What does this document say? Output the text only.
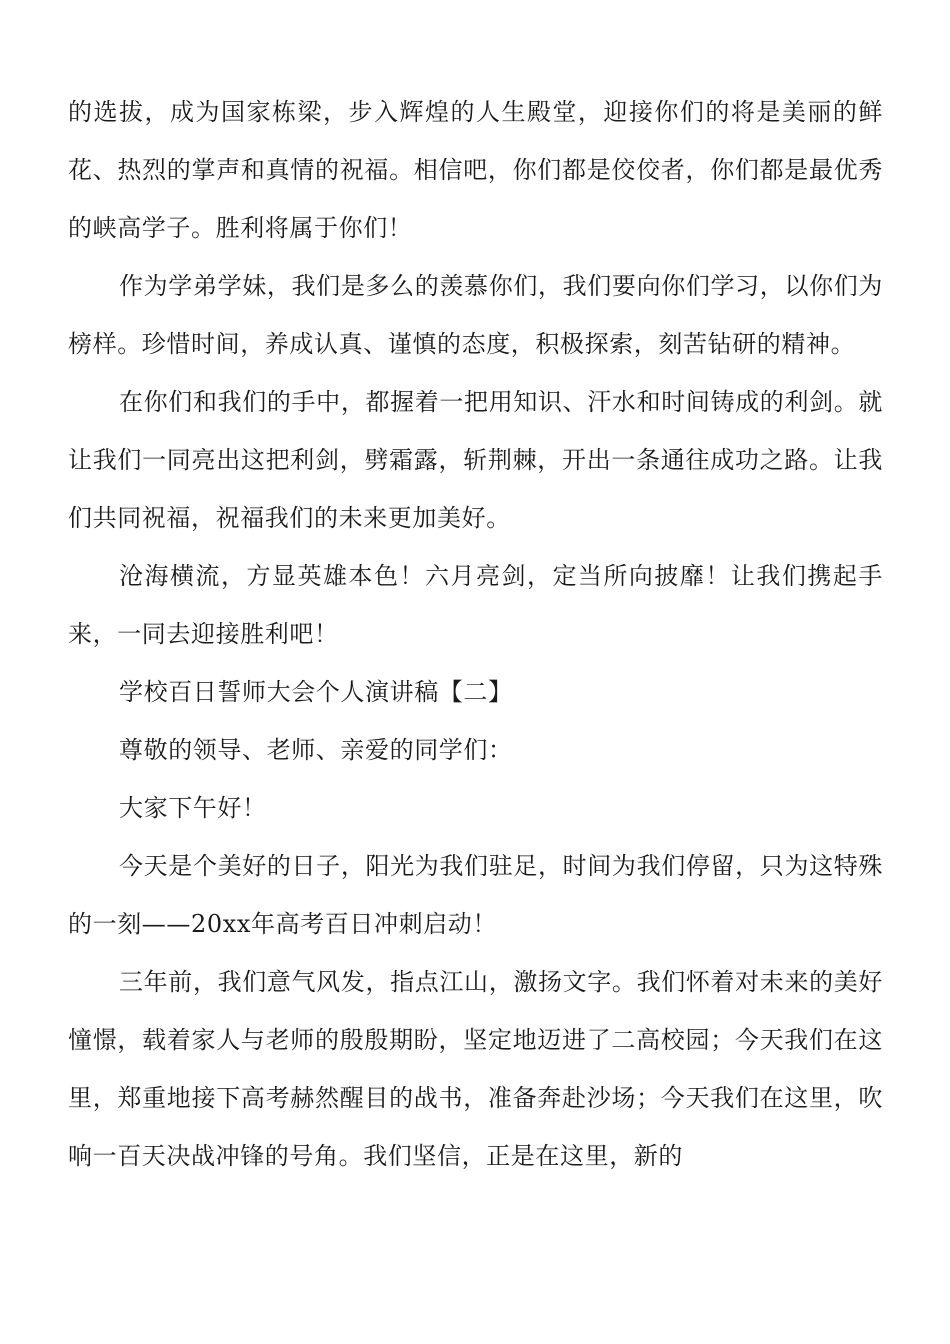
的选拔，成为国家栋梁，步入辉煌的人生殿堂，迎接你们的将是美丽的鲜花、热烈的掌声和真情的祝福。相信吧，你们都是佼佼者，你们都是最优秀的峡高学子。胜利将属于你们！

作为学弟学妹，我们是多么的羡慕你们，我们要向你们学习，以你们为榜样。珍惜时间，养成认真、谨慎的态度，积极探索，刻苦钻研的精神。

在你们和我们的手中，都握着一把用知识、汗水和时间铸成的利剑。就让我们一同亮出这把利剑，劈霜露，斩荆棘，开出一条通往成功之路。让我们共同祝福，祝福我们的未来更加美好。

沧海横流，方显英雄本色！六月亮剑，定当所向披靡！让我们携起手来，一同去迎接胜利吧！

学校百日誓师大会个人演讲稿【二】

尊敬的领导、老师、亲爱的同学们：

大家下午好！

今天是个美好的日子，阳光为我们驻足，时间为我们停留，只为这特殊的一刻——20xx年高考百日冲刺启动！

三年前，我们意气风发，指点江山，激扬文字。我们怀着对未来的美好憧憬，载着家人与老师的殷殷期盼，坚定地迈进了二高校园；今天我们在这里，郑重地接下高考赫然醒目的战书，准备奔赴沙场；今天我们在这里，吹响一百天决战冲锋的号角。我们坚信，正是在这里，新的
